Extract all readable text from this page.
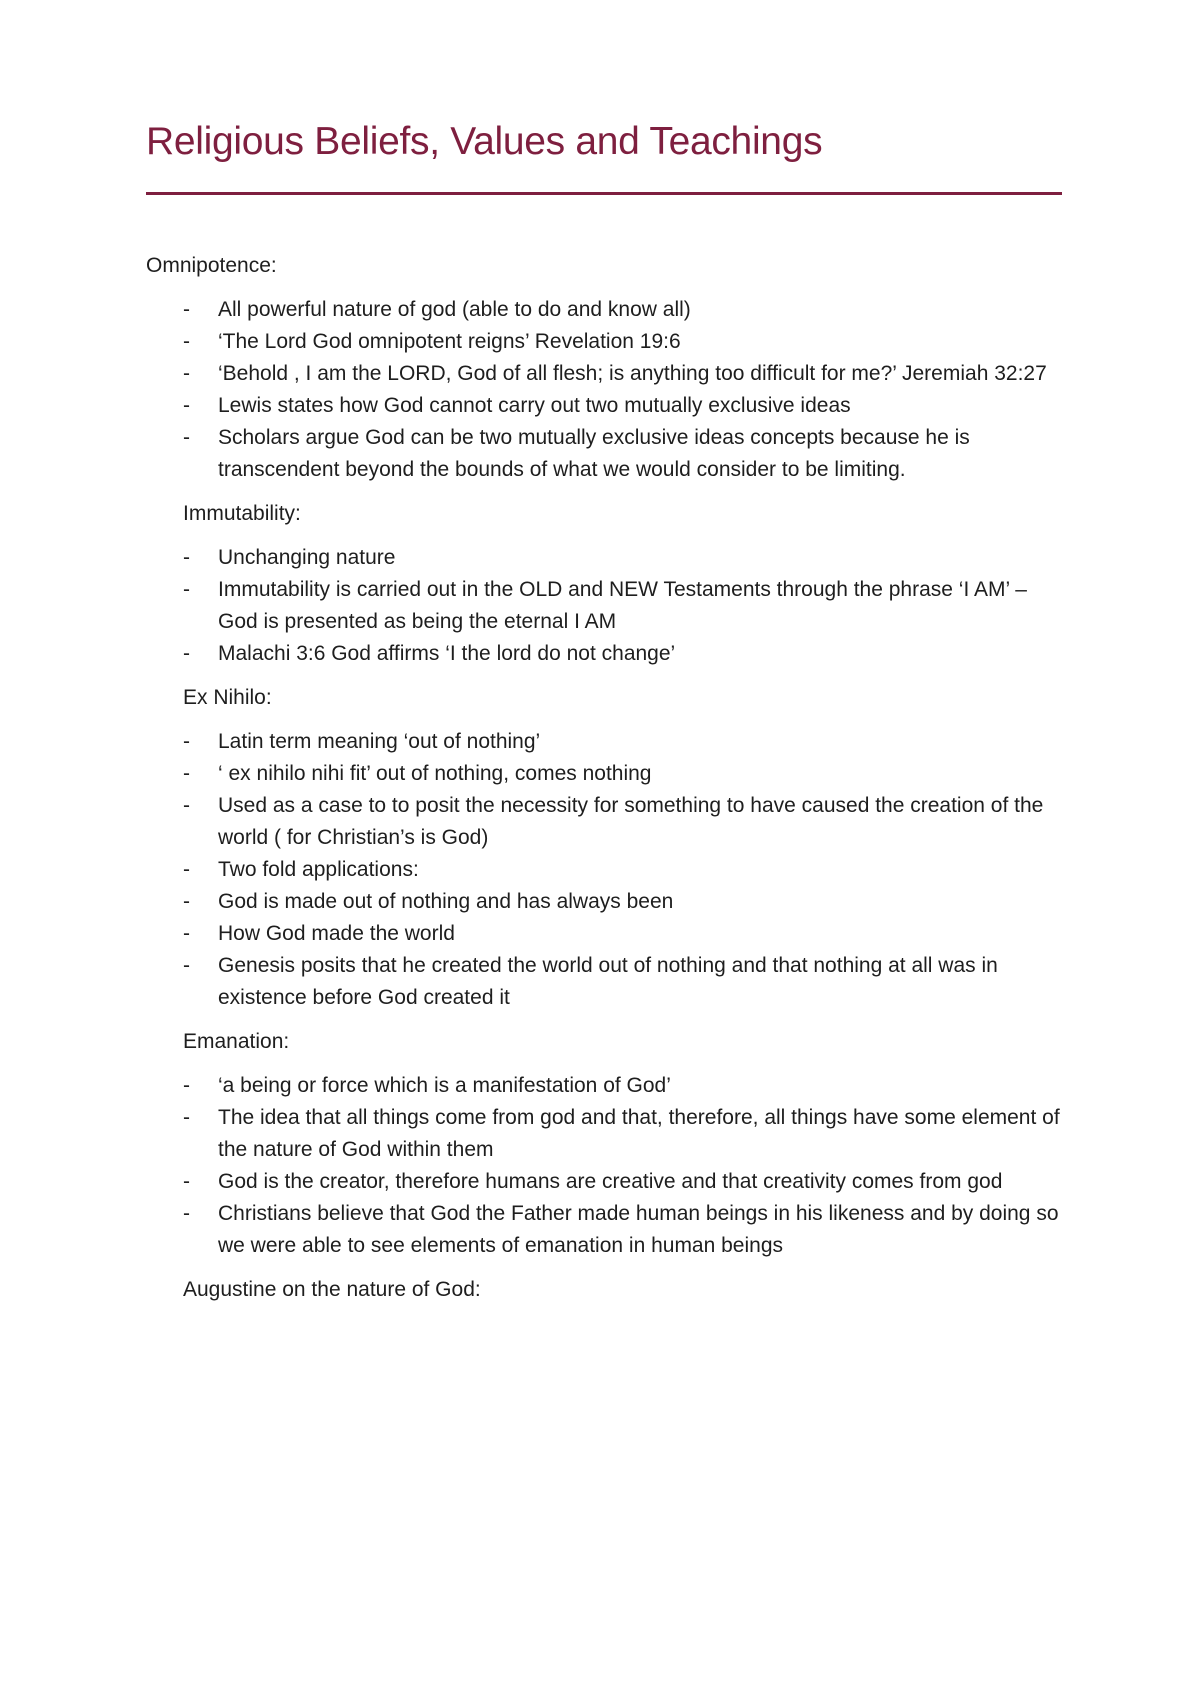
Religious Beliefs, Values and Teachings

Omnipotence:

-	All powerful nature of god (able to do and know all)
-	‘The Lord God omnipotent reigns’ Revelation 19:6
-	‘Behold , I am the LORD, God of all flesh; is anything too difficult for me?’ Jeremiah 32:27
-	Lewis states how God cannot carry out two mutually exclusive ideas
-	Scholars argue God can be two mutually exclusive ideas concepts because he is transcendent beyond the bounds of what we would consider to be limiting.

Immutability:

-	Unchanging nature
-	Immutability is carried out in the OLD and NEW Testaments through the phrase ‘I AM’ – God is presented as being the eternal I AM
-	Malachi 3:6 God affirms ‘I the lord do not change’

Ex Nihilo:

-	Latin term meaning ‘out of nothing’
-	‘ ex nihilo nihi fit’ out of nothing, comes nothing
-	Used as a case to to posit the necessity for something to have caused the creation of the world ( for Christian’s is God)
-	Two fold applications:
-	God is made out of nothing and has always been
-	How God made the world
-	Genesis posits that he created the world out of nothing and that nothing at all was in existence before God created it

Emanation:

-	‘a being or force which is a manifestation of God’
-	The idea that all things come from god and that, therefore, all things have some element of the nature of God within them
-	God is the creator, therefore humans are creative and that creativity comes from god
-	Christians believe that God the Father made human beings in his likeness and by doing so we were able to see elements of emanation in human beings

Augustine on the nature of God:
